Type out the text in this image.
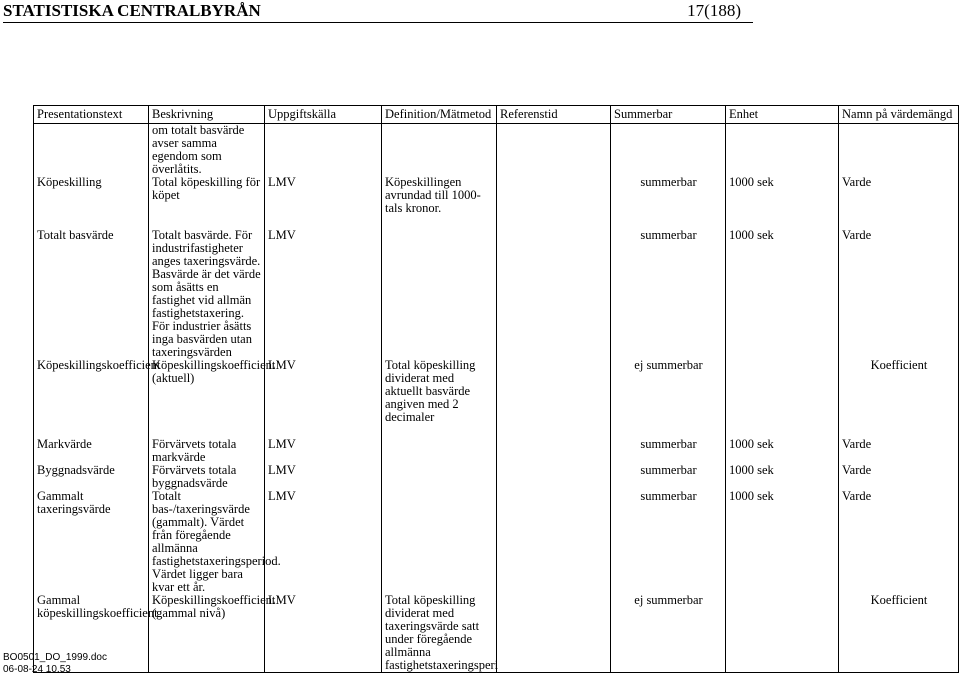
STATISTISKA CENTRALBYRÅN	17(188)
Presentationstext	Beskrivning	Uppgiftskälla	Definition/Mätmetod	Referenstid	Summerbar	Enhet	Namn på värdemängd
	om totalt basvärde avser samma egendom som överlåtits.						
Köpeskilling	Total köpeskilling för köpet	LMV	Köpeskillingen avrundad till 1000-tals kronor.		summerbar	1000 sek	Varde

Totalt basvärde	Totalt basvärde. För industrifastigheter anges taxeringsvärde. Basvärde är det värde som åsätts en fastighet vid allmän fastighetstaxering. För industrier åsätts inga basvärden utan taxeringsvärden	LMV			summerbar	1000 sek	Varde
Köpeskillingskoefficient	Köpeskillingskoefficient (aktuell)	LMV	Total köpeskilling dividerat med aktuellt basvärde angiven med 2 decimaler		ej summerbar		Koefficient

Markvärde	Förvärvets totala markvärde	LMV			summerbar	1000 sek	Varde
Byggnadsvärde	Förvärvets totala byggnadsvärde	LMV			summerbar	1000 sek	Varde
Gammalt taxeringsvärde	Totalt bas-/taxeringsvärde (gammalt). Värdet från föregående allmänna fastighetstaxeringsperiod. Värdet ligger bara kvar ett år.	LMV			summerbar	1000 sek	Varde
Gammal köpeskillingskoefficient	Köpeskillingskoefficient (gammal nivå)	LMV	Total köpeskilling dividerat med taxeringsvärde satt under föregående allmänna fastighetstaxeringsperi		ej summerbar		Koefficient
BO0501_DO_1999.doc
06-08-24 10.53
